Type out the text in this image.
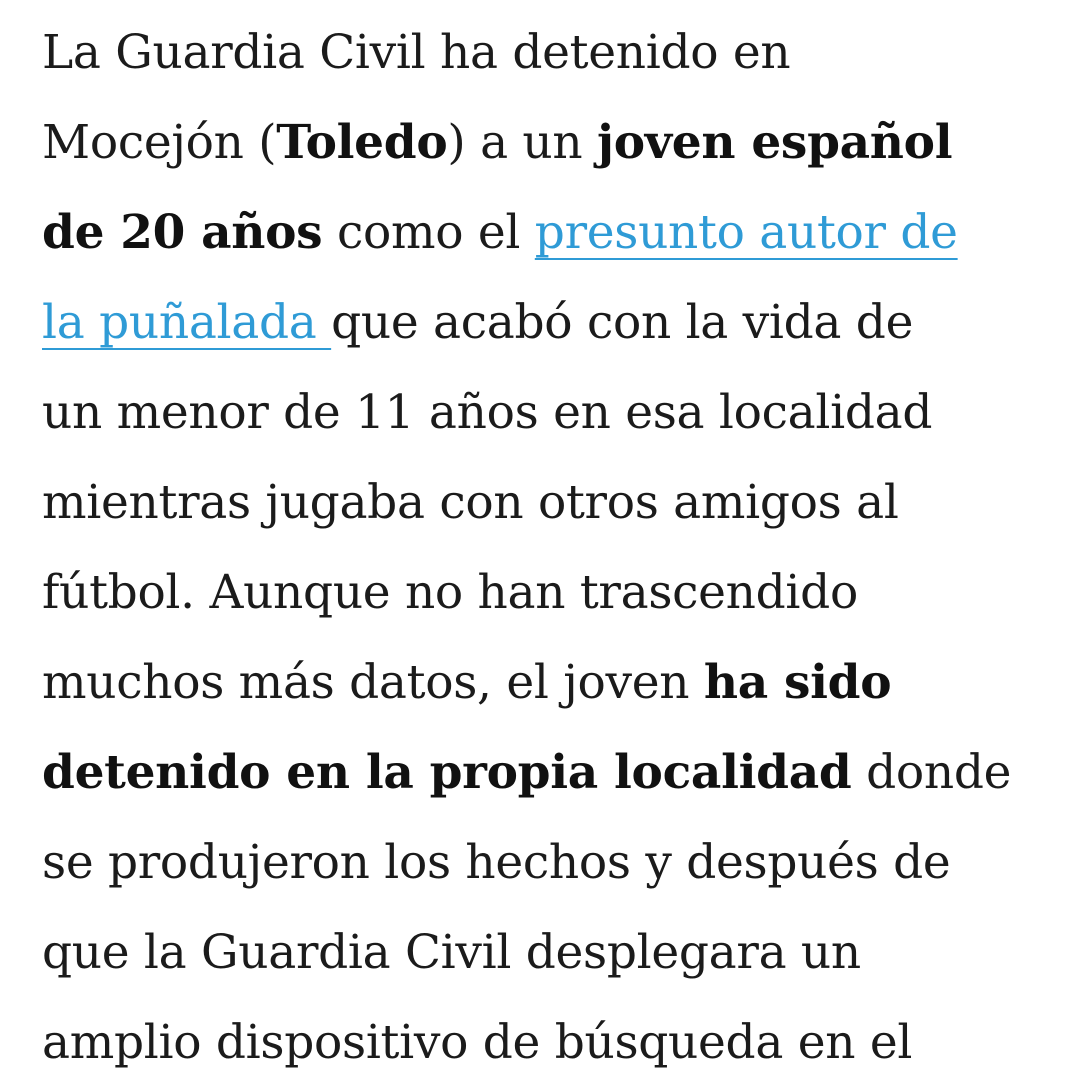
La Guardia Civil ha detenido en
Mocejón (Toledo) a un joven español
de 20 años como el presunto autor de
la puñalada que acabó con la vida de
un menor de 11 años en esa localidad
mientras jugaba con otros amigos al
fútbol. Aunque no han trascendido
muchos más datos, el joven ha sido
detenido en la propia localidad donde
se produjeron los hechos y después de
que la Guardia Civil desplegara un
amplio dispositivo de búsqueda en el
